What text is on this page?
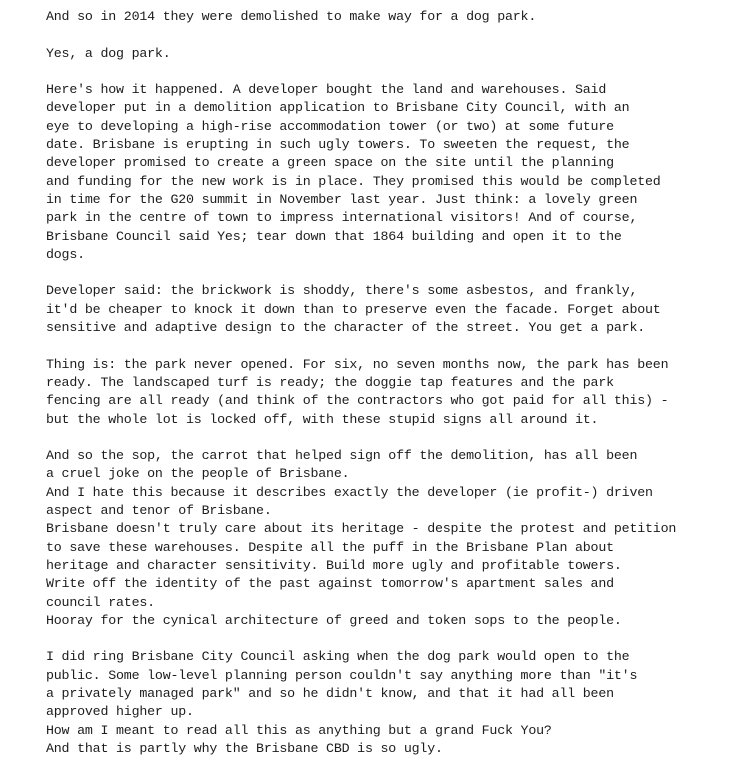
And so in 2014 they were demolished to make way for a dog park.
Yes, a dog park.
Here's how it happened. A developer bought the land and warehouses. Said
developer put in a demolition application to Brisbane City Council, with an
eye to developing a high-rise accommodation tower (or two) at some future
date. Brisbane is erupting in such ugly towers. To sweeten the request, the
developer promised to create a green space on the site until the planning
and funding for the new work is in place. They promised this would be completed
in time for the G20 summit in November last year. Just think: a lovely green
park in the centre of town to impress international visitors! And of course,
Brisbane Council said Yes; tear down that 1864 building and open it to the
dogs.
Developer said: the brickwork is shoddy, there's some asbestos, and frankly,
it'd be cheaper to knock it down than to preserve even the facade. Forget about
sensitive and adaptive design to the character of the street. You get a park.
Thing is: the park never opened. For six, no seven months now, the park has been
ready. The landscaped turf is ready; the doggie tap features and the park
fencing are all ready (and think of the contractors who got paid for all this) -
but the whole lot is locked off, with these stupid signs all around it.
And so the sop, the carrot that helped sign off the demolition, has all been
a cruel joke on the people of Brisbane.
And I hate this because it describes exactly the developer (ie profit-) driven
aspect and tenor of Brisbane.
Brisbane doesn't truly care about its heritage - despite the protest and petition
to save these warehouses. Despite all the puff in the Brisbane Plan about
heritage and character sensitivity. Build more ugly and profitable towers.
Write off the identity of the past against tomorrow's apartment sales and
council rates.
Hooray for the cynical architecture of greed and token sops to the people.
I did ring Brisbane City Council asking when the dog park would open to the
public. Some low-level planning person couldn't say anything more than "it's
a privately managed park" and so he didn't know, and that it had all been
approved higher up.
How am I meant to read all this as anything but a grand Fuck You?
And that is partly why the Brisbane CBD is so ugly.
